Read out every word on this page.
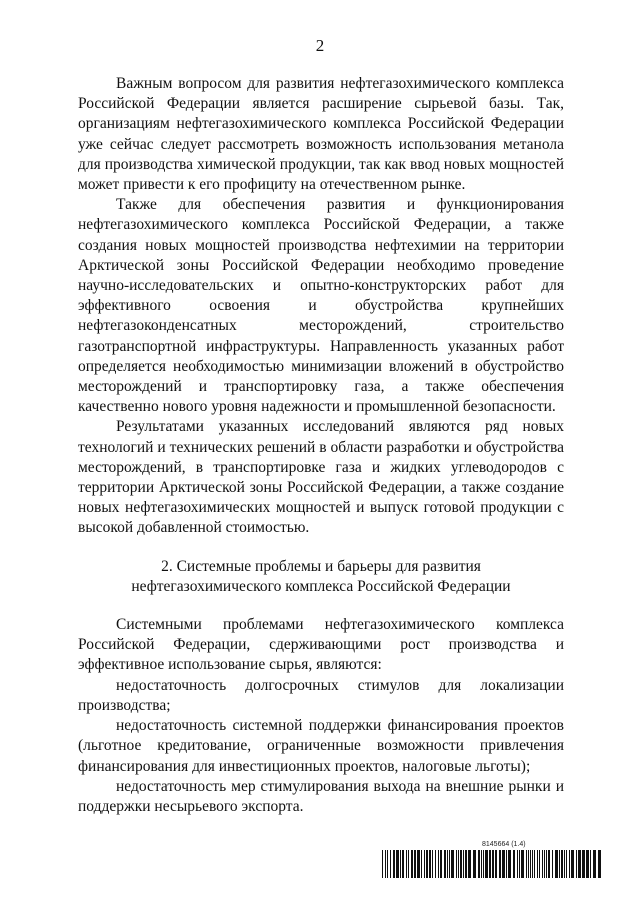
2

Важным вопросом для развития нефтегазохимического комплекса Российской Федерации является расширение сырьевой базы. Так, организациям нефтегазохимического комплекса Российской Федерации уже сейчас следует рассмотреть возможность использования метанола для производства химической продукции, так как ввод новых мощностей может привести к его профициту на отечественном рынке.

Также для обеспечения развития и функционирования нефтегазохимического комплекса Российской Федерации, а также создания новых мощностей производства нефтехимии на территории Арктической зоны Российской Федерации необходимо проведение научно-исследовательских и опытно-конструкторских работ для эффективного освоения и обустройства крупнейших нефтегазоконденсатных месторождений, строительство газотранспортной инфраструктуры. Направленность указанных работ определяется необходимостью минимизации вложений в обустройство месторождений и транспортировку газа, а также обеспечения качественно нового уровня надежности и промышленной безопасности.

Результатами указанных исследований являются ряд новых технологий и технических решений в области разработки и обустройства месторождений, в транспортировке газа и жидких углеводородов с территории Арктической зоны Российской Федерации, а также создание новых нефтегазохимических мощностей и выпуск готовой продукции с высокой добавленной стоимостью.

2. Системные проблемы и барьеры для развития
нефтегазохимического комплекса Российской Федерации

Системными проблемами нефтегазохимического комплекса Российской Федерации, сдерживающими рост производства и эффективное использование сырья, являются:

недостаточность долгосрочных стимулов для локализации производства;

недостаточность системной поддержки финансирования проектов (льготное кредитование, ограниченные возможности привлечения финансирования для инвестиционных проектов, налоговые льготы);

недостаточность мер стимулирования выхода на внешние рынки и поддержки несырьевого экспорта.

8145664 (1.4)
